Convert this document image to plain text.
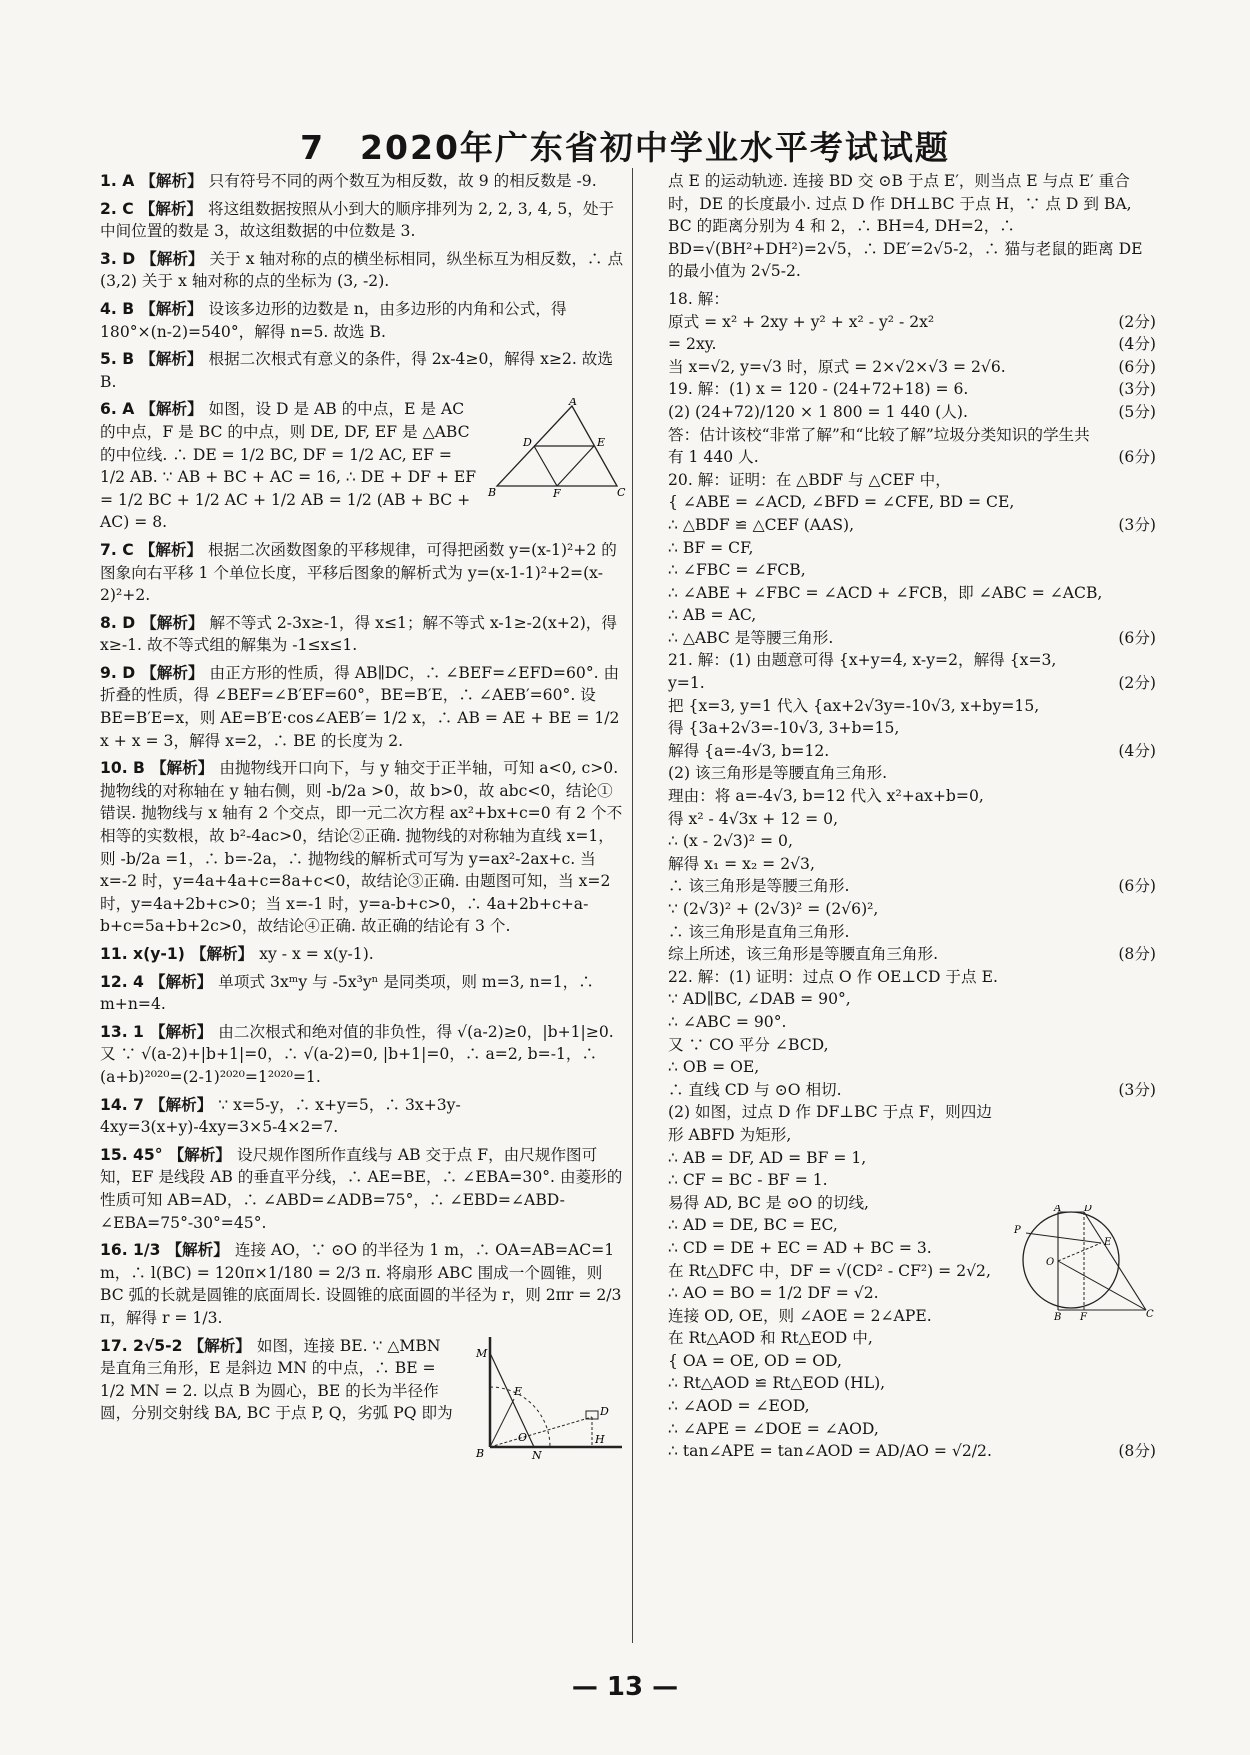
7　2020年广东省初中学业水平考试试题
1. A 【解析】 只有符号不同的两个数互为相反数，故 9 的相反数是 -9.
2. C 【解析】 将这组数据按照从小到大的顺序排列为 2, 2, 3, 4, 5，处于中间位置的数是 3，故这组数据的中位数是 3.
3. D 【解析】 关于 x 轴对称的点的横坐标相同，纵坐标互为相反数，∴ 点 (3,2) 关于 x 轴对称的点的坐标为 (3, -2).
4. B 【解析】 设该多边形的边数是 n，由多边形的内角和公式，得 180°×(n-2)=540°，解得 n=5. 故选 B.
5. B 【解析】 根据二次根式有意义的条件，得 2x-4≥0，解得 x≥2. 故选 B.
6. A 【解析】 如图，设 D 是 AB 的中点，E 是 AC 的中点，F 是 BC 的中点，则 DE, DF, EF 是 △ABC 的中位线. ∴ DE = 1/2 BC, DF = 1/2 AC, EF = 1/2 AB. ∵ AB + BC + AC = 16, ∴ DE + DF + EF = 1/2 BC + 1/2 AC + 1/2 AB = 1/2 (AB + BC + AC) = 8.
A
B	C
D	E
F
7. C 【解析】 根据二次函数图象的平移规律，可得把函数 y=(x-1)²+2 的图象向右平移 1 个单位长度，平移后图象的解析式为 y=(x-1-1)²+2=(x-2)²+2.
8. D 【解析】 解不等式 2-3x≥-1，得 x≤1；解不等式 x-1≥-2(x+2)，得 x≥-1. 故不等式组的解集为 -1≤x≤1.
9. D 【解析】 由正方形的性质，得 AB∥DC，∴ ∠BEF=∠EFD=60°. 由折叠的性质，得 ∠BEF=∠B′EF=60°，BE=B′E，∴ ∠AEB′=60°. 设 BE=B′E=x，则 AE=B′E·cos∠AEB′= 1/2 x，∴ AB = AE + BE = 1/2 x + x = 3，解得 x=2，∴ BE 的长度为 2.
10. B 【解析】 由抛物线开口向下，与 y 轴交于正半轴，可知 a<0, c>0. 抛物线的对称轴在 y 轴右侧，则 -b/2a >0，故 b>0，故 abc<0，结论①错误. 抛物线与 x 轴有 2 个交点，即一元二次方程 ax²+bx+c=0 有 2 个不相等的实数根，故 b²-4ac>0，结论②正确. 抛物线的对称轴为直线 x=1，则 -b/2a =1，∴ b=-2a，∴ 抛物线的解析式可写为 y=ax²-2ax+c. 当 x=-2 时，y=4a+4a+c=8a+c<0，故结论③正确. 由题图可知，当 x=2 时，y=4a+2b+c>0；当 x=-1 时，y=a-b+c>0，∴ 4a+2b+c+a-b+c=5a+b+2c>0，故结论④正确. 故正确的结论有 3 个.
11. x(y-1) 【解析】 xy - x = x(y-1).
12. 4 【解析】 单项式 3xᵐy 与 -5x³yⁿ 是同类项，则 m=3, n=1，∴ m+n=4.
13. 1 【解析】 由二次根式和绝对值的非负性，得 √(a-2)≥0，|b+1|≥0. 又 ∵ √(a-2)+|b+1|=0，∴ √(a-2)=0, |b+1|=0，∴ a=2, b=-1，∴ (a+b)²⁰²⁰=(2-1)²⁰²⁰=1²⁰²⁰=1.
14. 7 【解析】 ∵ x=5-y，∴ x+y=5，∴ 3x+3y-4xy=3(x+y)-4xy=3×5-4×2=7.
15. 45° 【解析】 设尺规作图所作直线与 AB 交于点 F，由尺规作图可知，EF 是线段 AB 的垂直平分线，∴ AE=BE，∴ ∠EBA=30°. 由菱形的性质可知 AB=AD，∴ ∠ABD=∠ADB=75°，∴ ∠EBD=∠ABD-∠EBA=75°-30°=45°.
16. 1/3 【解析】 连接 AO，∵ ⊙O 的半径为 1 m，∴ OA=AB=AC=1 m，∴ l(BC) = 120π×1/180 = 2/3 π. 将扇形 ABC 围成一个圆锥，则 BC 弧的长就是圆锥的底面周长. 设圆锥的底面圆的半径为 r，则 2πr = 2/3 π，解得 r = 1/3.
17. 2√5-2 【解析】 如图，连接 BE. ∵ △MBN 是直角三角形，E 是斜边 MN 的中点，∴ BE = 1/2 MN = 2. 以点 B 为圆心，BE 的长为半径作圆，分别交射线 BA, BC 于点 P, Q，劣弧 PQ 即为
M
B	N
D
H
E
O
点 E 的运动轨迹. 连接 BD 交 ⊙B 于点 E′，则当点 E 与点 E′ 重合时，DE 的长度最小. 过点 D 作 DH⊥BC 于点 H，∵ 点 D 到 BA, BC 的距离分别为 4 和 2，∴ BH=4, DH=2，∴ BD=√(BH²+DH²)=2√5，∴ DE′=2√5-2，∴ 猫与老鼠的距离 DE 的最小值为 2√5-2.
18. 解：
原式 = x² + 2xy + y² + x² - y² - 2x²	(2分)
= 2xy.	(4分)
当 x=√2, y=√3 时，原式 = 2×√2×√3 = 2√6.	(6分)
19. 解：(1) x = 120 - (24+72+18) = 6.	(3分)
(2) (24+72)/120 × 1 800 = 1 440 (人).	(5分)
答：估计该校“非常了解”和“比较了解”垃圾分类知识的学生共有 1 440 人.	(6分)
20. 解：证明：在 △BDF 与 △CEF 中，
{ ∠ABE = ∠ACD, ∠BFD = ∠CFE, BD = CE,
∴ △BDF ≌ △CEF (AAS),	(3分)
∴ BF = CF,
∴ ∠FBC = ∠FCB,
∴ ∠ABE + ∠FBC = ∠ACD + ∠FCB，即 ∠ABC = ∠ACB,
∴ AB = AC,
∴ △ABC 是等腰三角形.	(6分)
21. 解：(1) 由题意可得 {x+y=4, x-y=2，解得 {x=3, y=1.	(2分)
把 {x=3, y=1 代入 {ax+2√3y=-10√3, x+by=15,
得 {3a+2√3=-10√3, 3+b=15,
解得 {a=-4√3, b=12.	(4分)
(2) 该三角形是等腰直角三角形.
理由：将 a=-4√3, b=12 代入 x²+ax+b=0,
得 x² - 4√3x + 12 = 0,
∴ (x - 2√3)² = 0,
解得 x₁ = x₂ = 2√3,
∴ 该三角形是等腰三角形.	(6分)
∵ (2√3)² + (2√3)² = (2√6)²,
∴ 该三角形是直角三角形.
综上所述，该三角形是等腰直角三角形.	(8分)
22. 解：(1) 证明：过点 O 作 OE⊥CD 于点 E.
∵ AD∥BC, ∠DAB = 90°,
∴ ∠ABC = 90°.
又 ∵ CO 平分 ∠BCD,
∴ OB = OE,
∴ 直线 CD 与 ⊙O 相切.	(3分)
(2) 如图，过点 D 作 DF⊥BC 于点 F，则四边形 ABFD 为矩形,
∴ AB = DF, AD = BF = 1,
∴ CF = BC - BF = 1.
易得 AD, BC 是 ⊙O 的切线,
∴ AD = DE, BC = EC,
∴ CD = DE + EC = AD + BC = 3.
在 Rt△DFC 中，DF = √(CD² - CF²) = 2√2,
∴ AO = BO = 1/2 DF = √2.
连接 OD, OE，则 ∠AOE = 2∠APE.
在 Rt△AOD 和 Rt△EOD 中,
{ OA = OE, OD = OD,
∴ Rt△AOD ≌ Rt△EOD (HL),
∴ ∠AOD = ∠EOD,
∴ ∠APE = ∠DOE = ∠AOD,
∴ tan∠APE = tan∠AOD = AD/AO = √2/2.	(8分)
A D
P
E
O
B F	C
— 13 —
